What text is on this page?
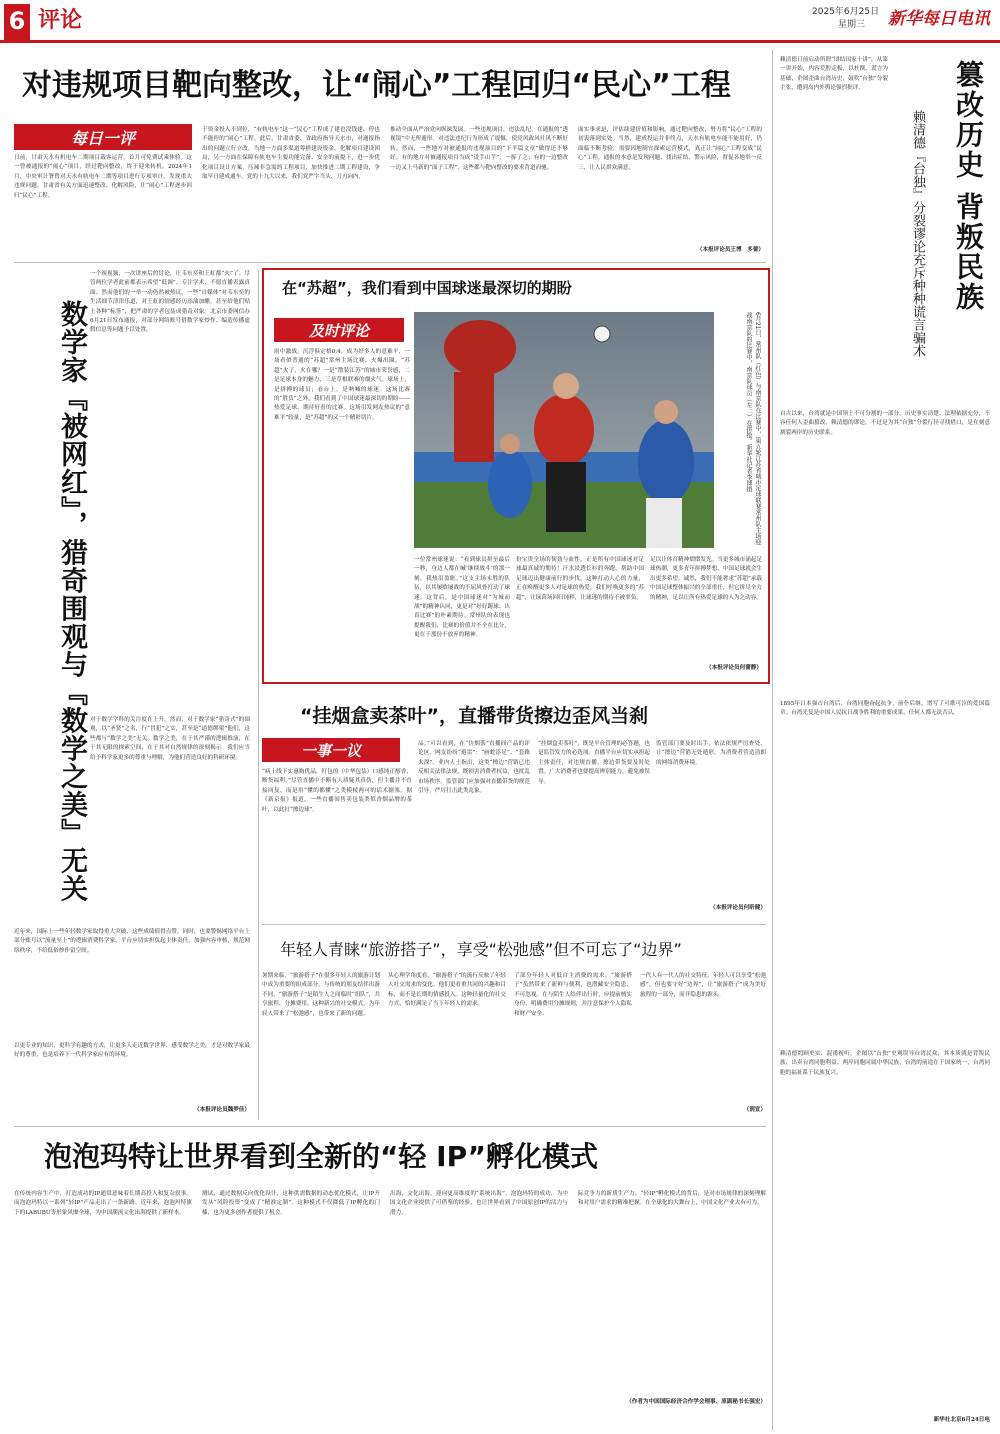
6 评论	2025年6月25日
星期三 新华每日电讯
对违规项目靶向整改，让“闹心”工程回归“民心”工程
每日一评
日前，甘肃天水有机电车二期项目载客运营，首月可免费试乘体验。这一曾被通报的“闹心”项目，经过靶向整改，终于迎来转机。2024年1月，中央审计署曾对天水有轨电车二期等项目进行专项审计，发现重大违规问题。甘肃省有关方面迅速整改、化解风险，让“闹心”工程逐步回归“民心”工程。
于资金投入不到位，“有轨电车”这一“民心”工程成了建也没钱建、停也不能停的“闹心”工程。此后，甘肃省委、省政府指导天水市，对通报指出的问题立行立改。当地一方面多渠道筹措建设资金，化解项目建设困局，另一方面在保障有轨电车主要功能完备、安全的前提下，进一步优化项目设计方案，压减非急需的工程项目，加快推进二期工程建设，争取早日建成通车。党的十九大以来，我们党严字当头、刀刃向内，
推动全面从严治党向纵深发展。一些违规项目，违法乱纪，在通报的“透视镜”中无所遁形。对违法违纪行为形成了震慑，使党风政风社风不断好转。然而，一些地方对被通报的违规项目的“下半篇文章”做得还不够好。有的地方对被通报项目当成“烫手山芋”，一拆了之；有的一边整改一边又上马新的“面子工程”，这些都与靶向整改的要求背道而驰。
面实事求是，评估续建价值和影响，通过靶向整改，努力将“民心”工程的初衷落到实处。当然，建成投运并非终点，天水有轨电车能不能用好，仍面临不断考验，需要因地制宜探索运营模式，真正让“闹心”工程变成“民心”工程。通报的本意是发现问题、找出症结、警示风险，督促各地举一反三，让人民群众满意。
（本报评论员王博　多蕾）
数学家『被网红』，猎奇围观与『数学之美』无关
一个视视频，一次讲座后的讨论，让韦东奕和王虹都“火”了。尽管两位学者此前都表示希望“低调”、专注学术，不愿直播表露真面、然而他们的一举一动仍然被热议。一些“自媒体”对韦东奕的生活细节津津乐道，对王虹的情感经历添油加醋，甚至给他们贴上各种“标签”，把严肃的学者包装成猎奇对象。北京市委网信办6月21日发布通报，对部分网络账号借数学家炒作、编造传播虚假信息等问题予以处置。
对于数学学科的关注度在上升。然而，对于数学家“猎奇式”的围观，以“圣贤”之名，行“冒犯”之实，甚至是“道德绑架”他们，这些都与“数学之美”无关。数学之美，在于其严谨的逻辑推演，在于其无限的探索空间，在于其对自然规律的深刻揭示。我们应当给予科学家更多的尊重与理解，为他们营造良好的科研环境。
近年来，国际上一些年轻数学家取得重大突破，这些成绩值得点赞。同时，也要警惕网络平台上部分账号以“流量至上”的逻辑消费科学家。平台应切实担负起主体责任，加强内容审核，规范网络秩序，不给低俗炒作留空间。
以更专业的知识、更科学有趣的方式，让更多人走近数学世界、感受数学之美，才是对数学家最好的尊重，也是培养下一代科学家应有的环境。
（本报评论员魏梦佳）
在“苏超”，我们看到中国球迷最深切的期盼
及时评论
雨中激战，沉浮俱定格0:4，成为好多人的意难平，一场看似普通的“苏超”常州主场比赛，火爆出圈。“苏超”火了，火在哪？一是“散装江苏”的城市荣誉感，二是足球本身的魅力，三是草根联赛的烟火气。球场上，是拼搏的球员；看台上，是呐喊的球迷。这场比赛的“胜负”之外，我们看到了中国球迷最深切的期盼——热爱足球，期待好看的比赛。这场引发网友热议的“意难平”较量，是“苏超”的又一个精彩切片。	6月21日，常州队（红色）与南京队在比赛中，第五轮江苏省城市足球联赛常州队主场迎战南京队的比赛中，南京队球员（左二）在拼抢。新华社记者李博摄
一位常州球迷说：“看到球员拼至最后一秒，身边人都在喊‘继续战斗’的那一刻，我热泪盈眶。”这支主场未胜的队伍，以其屡败屡战的不屈风骨打动了球迷。这背后，是中国球迷对“为城而战”的精神认同，更是对“好好踢球、认真比赛”的朴素期待。常州队的表现也提醒我们，比赛的价值并不全在比分，更在于那份不放弃的精神。
份宝贵全场的韧劲与血性，正是所有中国球迷对足球最真诚的期待！汗水浸透长衫的奔跑，帮助中国足球迈出健康前行的步伐。这种打动人心的力量，正在唤醒更多人对足球的热爱。我们呼唤更多的“苏超”，让绿茵场回归纯粹，让球迷的期待不被辜负。
足以让体育精神熠熠发光。当更多城市涌起足球热潮，更多青年拼搏梦想，中国足球就会生出更多希望。诚然，我们不能奢求“苏超”承载中国足球整体振兴的全部重任，但它拼尽全力的精神，足以让所有热爱足球的人为之动容。
（本报评论员何蕾静）
“挂烟盒卖茶叶”，直播带货擦边歪风当刹
一事一议
“病上线下实惠购优品，打包的（中华包装）口感纯正醇香，断货福利。”尽管直播中不断有人质疑其真伪，但主播并不直接回复，而是用“懂的都懂”之类模棱两可的话术搪塞。据《新京报》报道，一些直播间售卖包装类似香烟品牌的茶叶，以此打“擦边球”。
品。”可以看到，在“仿烟茶”直播间产品的评论区，网友纷纷“避雷”：“画蛇添足”、“套路太深”。业内人士指出，这类“擦边”营销已违反相关法律法规，既损害消费者权益，也扰乱市场秩序。监管部门应加强对直播带货的规范引导，严厉打击此类乱象。
“挂烟盒卖茶叶”，既是平台管理的必答题，也是监管发力的必选项。直播平台应切实承担起主体责任，对违规直播、擦边带货要及时处置。广大消费者也要提高辨别能力，避免被误导。
监管部门要及时出手，依法依规严厉查处，让“擦边”营销无处遁形，为消费者营造清朗的网络消费环境。
（本报评论员何昕健）
年轻人青睐“旅游搭子”，享受“松弛感”但不可忘了“边界”
暑期来临，“旅游搭子”在很多年轻人的旅游计划中成为重要的组成部分。与传统的朋友结伴出游不同，“旅游搭子”是陌生人之间临时“组队”，共享旅程、分摊费用。这种新兴的社交模式，为年轻人带来了“松弛感”，也带来了新的问题。
从心理学角度看，“旅游搭子”的流行反映了年轻人社交需求的变化。他们更看重共同的兴趣和目标，而不是长期的情感投入。这种轻量化的社交方式，恰好满足了当下年轻人的需求。
了部分年轻人对低自主消费的需求。“旅游搭子”虽然带来了新鲜与便利，也潜藏安全隐患，不可忽视。在与陌生人结伴出行时，应提前核实身份、明确费用分摊规则，并注意保护个人隐私和财产安全。
一代人有一代人的社交特征。年轻人可以享受“松弛感”，但也要守好“边界”，让“旅游搭子”成为美好旅程的一部分，而非隐患的源头。
（润宣）
泡泡玛特让世界看到全新的“轻 IP”孵化模式
在传统内容生产中，打造成功的IP通常意味着长期高投入和复杂叙事。而泡泡玛特以一系列“轻IP”产品走出了一条新路。近年来，泡泡玛特旗下的LABUBU等形象风靡全球，为中国潮流文化出海提供了新样本。
测试，通过数据反向优化设计，这种供需数据的动态优化模式，让IP开发从“风险投资”变成了“精准定制”。这种模式不仅降低了IP孵化的门槛，也为更多创作者提供了机会。
出海，文化出海，迎向更高维度的“系统出海”。泡泡玛特的成功，为中国文化企业提供了可借鉴的经验，也让世界看到了中国原创IP的活力与潜力。
际竞争力的新质生产力。“轻IP”孵化模式的背后，是对市场规律的深刻理解和对用户需求的精准把握。在全球化的大舞台上，中国文化产业大有可为。
（作者为中国国际经济合作学会理事、原副秘书长强宏）
赖清德日前启动所谓“团结国家十讲”，从第一讲开始，内容荒腔走板，以杜撰、谎言为基础，企图歪曲台湾历史，鼓吹“台独”分裂主张，遭到岛内外舆论强烈批评。	篡改历史 背叛民族
赖清德『台独』分裂谬论充斥种种谎言骗术
自古以来，台湾就是中国领土不可分割的一部分。历史事实清楚、法理依据充分，不容任何人歪曲篡改。赖清德的谬论，不过是为其“台独”分裂行径寻找借口，是在刻意割裂两岸的历史联系。
1895年日本强占台湾后，台湾同胞奋起抗争，前仆后继，谱写了可歌可泣的爱国篇章。台湾光复是中国人民抗日战争胜利的重要成果，任何人都无法否认。
赖清德罔顾史实、混淆视听，企图以“台独”史观误导台湾民众，其本质就是背叛民族、出卖台湾同胞利益。两岸同胞同属中华民族，台湾的前途在于国家统一，台湾同胞的福祉系于民族复兴。
新华社北京6月24日电
